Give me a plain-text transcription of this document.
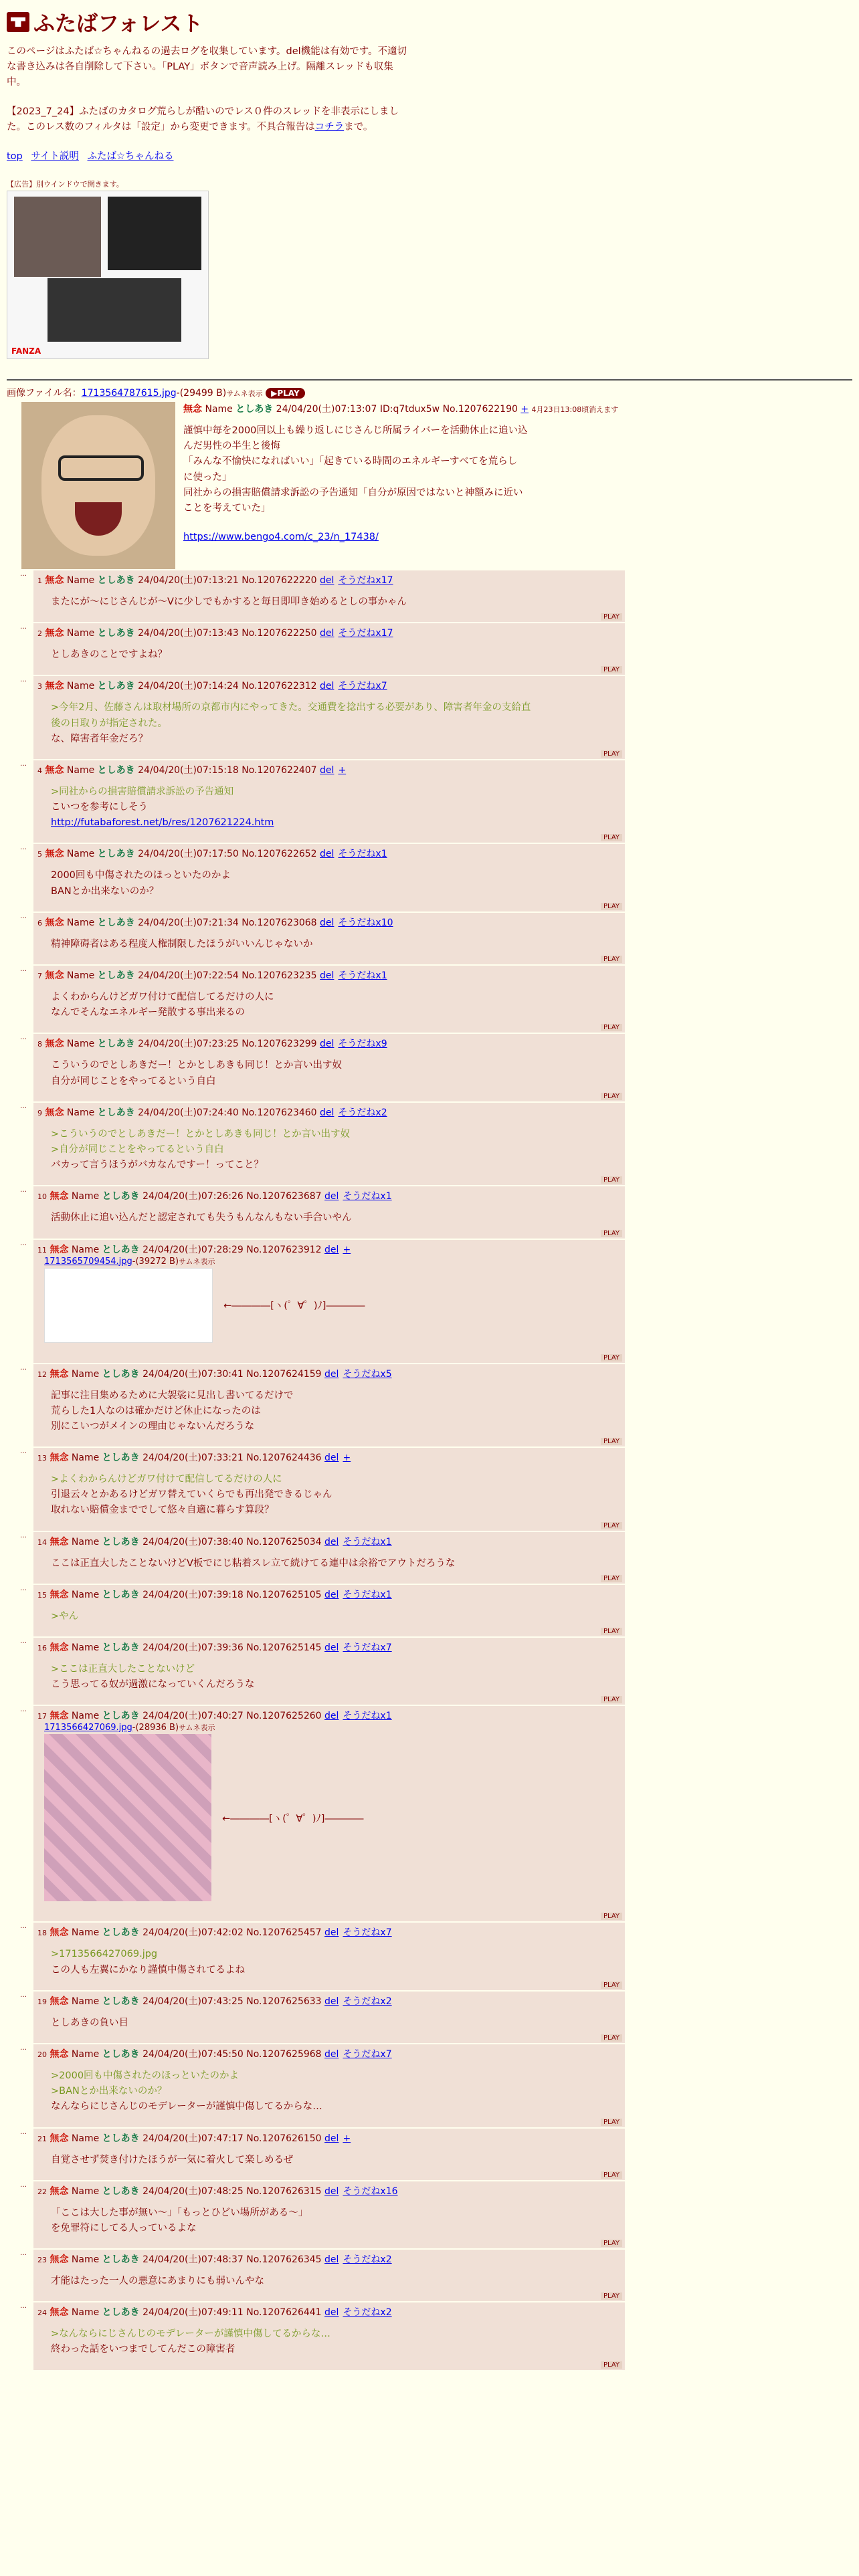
ふたばフォレスト

このページはふたば☆ちゃんねるの過去ログを収集しています。del機能は有効です。不適切な書き込みは各自削除して下さい。「PLAY」ボタンで音声読み上げ。隔離スレッドも収集中。

【2023_7_24】ふたばのカタログ荒らしが酷いのでレス０件のスレッドを非表示にしました。このレス数のフィルタは「設定」から変更できます。不具合報告はコチラまで。

top サイト説明 ふたば☆ちゃんねる
【広告】別ウインドウで開きます。
FANZA
画像ファイル名：1713564787615.jpg-(29499 B)サムネ表示 ▶PLAY
無念 Name としあき 24/04/20(土)07:13:07 ID:q7tdux5w No.1207622190 + 4月23日13:08頃消えます
謹慎中毎を2000回以上も繰り返しにじさんじ所属ライバーを活動休止に追い込
んだ男性の半生と後悔
「みんな不愉快になればいい」「起きている時間のエネルギーすべてを荒らし
に使った」
同社からの損害賠償請求訴訟の予告通知「自分が原因ではないと神額みに近い
ことを考えていた」
https://www.bengo4.com/c_23/n_17438/
…
1 無念 Name としあき 24/04/20(土)07:13:21 No.1207622220 del そうだねx17
またにが〜にじさんじが〜Vに少しでもかすると毎日即叩き始めるとしの事かゃん
PLAY
…
2 無念 Name としあき 24/04/20(土)07:13:43 No.1207622250 del そうだねx17
としあきのことですよね？
PLAY
…
3 無念 Name としあき 24/04/20(土)07:14:24 No.1207622312 del そうだねx7
>今年2月、佐藤さんは取材場所の京都市内にやってきた。交通費を捻出する必要があり、障害者年金の支給直
後の日取りが指定された。
な、障害者年金だろ？
PLAY
…
4 無念 Name としあき 24/04/20(土)07:15:18 No.1207622407 del +
>同社からの損害賠償請求訴訟の予告通知
こいつを参考にしそう
http://futabaforest.net/b/res/1207621224.htm
PLAY
…
5 無念 Name としあき 24/04/20(土)07:17:50 No.1207622652 del そうだねx1
2000回も中傷されたのほっといたのかよ
BANとか出来ないのか？
PLAY
…
6 無念 Name としあき 24/04/20(土)07:21:34 No.1207623068 del そうだねx10
精神障碍者はある程度人権制限したほうがいいんじゃないか
PLAY
…
7 無念 Name としあき 24/04/20(土)07:22:54 No.1207623235 del そうだねx1
よくわからんけどガワ付けて配信してるだけの人に
なんでそんなエネルギー発散する事出来るの
PLAY
…
8 無念 Name としあき 24/04/20(土)07:23:25 No.1207623299 del そうだねx9
こういうのでとしあきだー！とかとしあきも同じ！とか言い出す奴
自分が同じことをやってるという自白
PLAY
…
9 無念 Name としあき 24/04/20(土)07:24:40 No.1207623460 del そうだねx2
>こういうのでとしあきだー！とかとしあきも同じ！とか言い出す奴
>自分が同じことをやってるという自白
バカって言うほうがバカなんですー！ってこと？
PLAY
…
10 無念 Name としあき 24/04/20(土)07:26:26 No.1207623687 del そうだねx1
活動休止に追い込んだと認定されても失うもんなんもない手合いやん
PLAY
…
11 無念 Name としあき 24/04/20(土)07:28:29 No.1207623912 del +
1713565709454.jpg-(39272 B)サムネ表示
←――――[ヽ(゜∀゜)ﾉ]――――
PLAY
…
12 無念 Name としあき 24/04/20(土)07:30:41 No.1207624159 del そうだねx5
記事に注目集めるために大袈裟に見出し書いてるだけで
荒らした1人なのは確かだけど休止になったのは
別にこいつがメインの理由じゃないんだろうな
PLAY
…
13 無念 Name としあき 24/04/20(土)07:33:21 No.1207624436 del +
>よくわからんけどガワ付けて配信してるだけの人に
引退云々とかあるけどガワ替えていくらでも再出発できるじゃん
取れない賠償金まででして悠々自適に暮らす算段？
PLAY
…
14 無念 Name としあき 24/04/20(土)07:38:40 No.1207625034 del そうだねx1
ここは正直大したことないけどV板でにじ粘着スレ立て続けてる連中は余裕でアウトだろうな
PLAY
…
15 無念 Name としあき 24/04/20(土)07:39:18 No.1207625105 del そうだねx1
>やん
PLAY
…
16 無念 Name としあき 24/04/20(土)07:39:36 No.1207625145 del そうだねx7
>ここは正直大したことないけど
こう思ってる奴が過激になっていくんだろうな
PLAY
…
17 無念 Name としあき 24/04/20(土)07:40:27 No.1207625260 del そうだねx1
1713566427069.jpg-(28936 B)サムネ表示
←――――[ヽ(゜∀゜)ﾉ]――――
PLAY
…
18 無念 Name としあき 24/04/20(土)07:42:02 No.1207625457 del そうだねx7
>1713566427069.jpg
この人も左翼にかなり謹慎中傷されてるよね
PLAY
…
19 無念 Name としあき 24/04/20(土)07:43:25 No.1207625633 del そうだねx2
としあきの負い目
PLAY
…
20 無念 Name としあき 24/04/20(土)07:45:50 No.1207625968 del そうだねx7
>2000回も中傷されたのほっといたのかよ
>BANとか出来ないのか？
なんならにじさんじのモデレーターが謹慎中傷してるからな…
PLAY
…
21 無念 Name としあき 24/04/20(土)07:47:17 No.1207626150 del +
自覚させず焚き付けたほうが一気に着火して楽しめるぜ
PLAY
…
22 無念 Name としあき 24/04/20(土)07:48:25 No.1207626315 del そうだねx16
「ここは大した事が無い〜」「もっとひどい場所がある〜」
を免罪符にしてる人っているよな
PLAY
…
23 無念 Name としあき 24/04/20(土)07:48:37 No.1207626345 del そうだねx2
才能はたった一人の悪意にあまりにも弱いんやな
PLAY
…
24 無念 Name としあき 24/04/20(土)07:49:11 No.1207626441 del そうだねx2
>なんならにじさんじのモデレーターが謹慎中傷してるからな…
終わった話をいつまでしてんだこの障害者
PLAY
